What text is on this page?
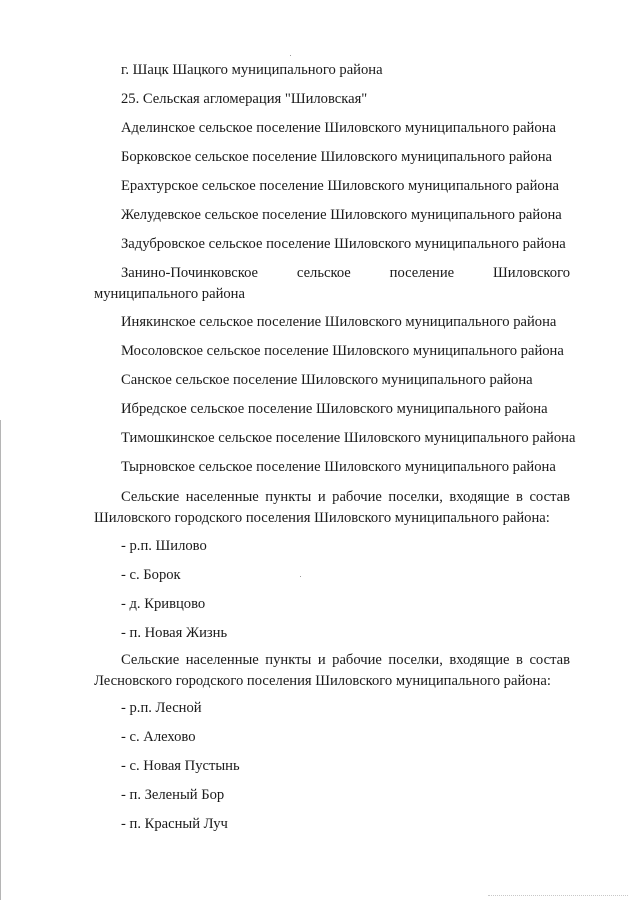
г. Шацк Шацкого муниципального района
25. Сельская агломерация "Шиловская"
Аделинское сельское поселение Шиловского муниципального района
Борковское сельское поселение Шиловского муниципального района
Ерахтурское сельское поселение Шиловского муниципального района
Желудевское сельское поселение Шиловского муниципального района
Задубровское сельское поселение Шиловского муниципального района
Занино-Починковское сельское поселение Шиловского муниципального района
Инякинское сельское поселение Шиловского муниципального района
Мосоловское сельское поселение Шиловского муниципального района
Санское сельское поселение Шиловского муниципального района
Ибредское сельское поселение Шиловского муниципального района
Тимошкинское сельское поселение Шиловского муниципального района
Тырновское сельское поселение Шиловского муниципального района
Сельские населенные пункты и рабочие поселки, входящие в состав Шиловского городского поселения Шиловского муниципального района:
- р.п. Шилово
- с. Борок
- д. Кривцово
- п. Новая Жизнь
Сельские населенные пункты и рабочие поселки, входящие в состав Лесновского городского поселения Шиловского муниципального района:
- р.п. Лесной
- с. Алехово
- с. Новая Пустынь
- п. Зеленый Бор
- п. Красный Луч
